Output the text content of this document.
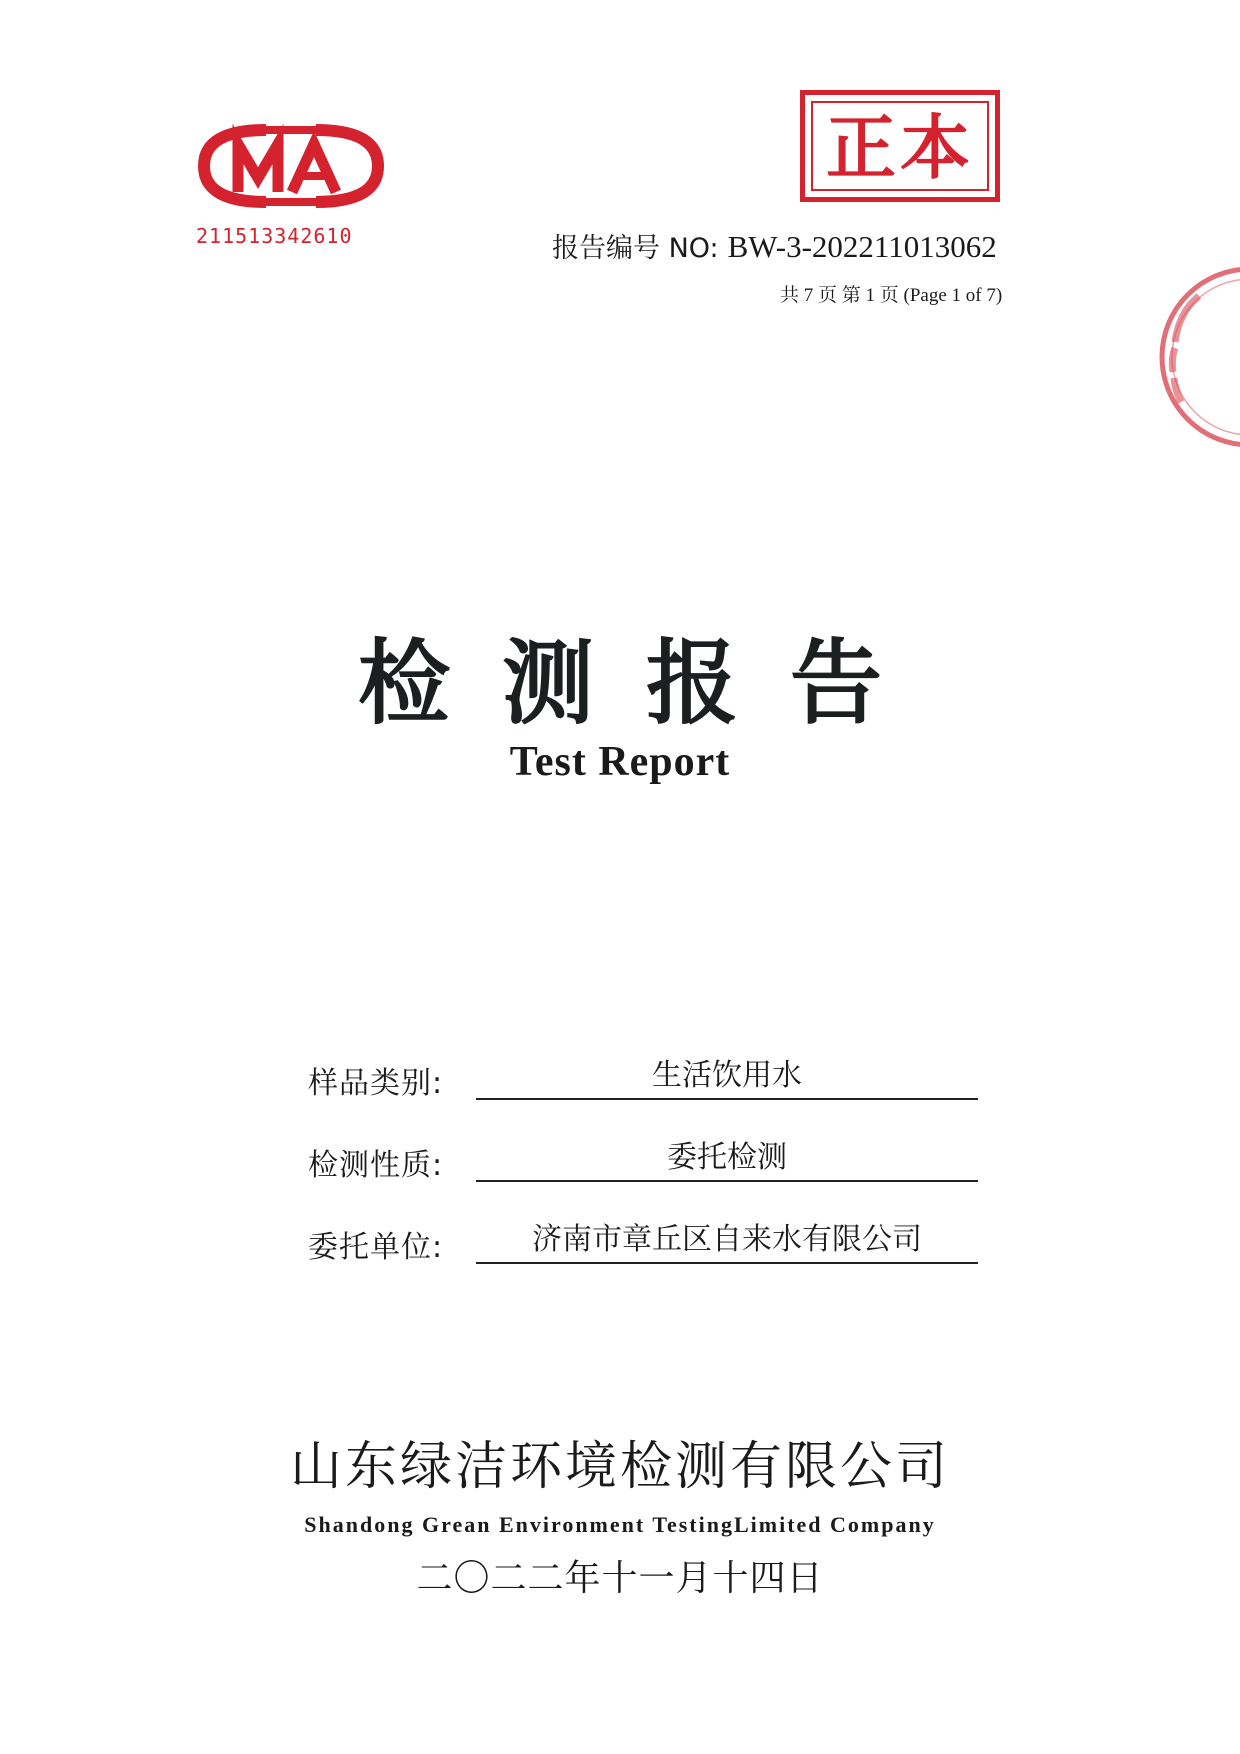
211513342610
正本
报告编号 NO: BW-3-202211013062
共 7 页 第 1 页 (Page 1 of 7)
检测报告
Test Report
样品类别:	生活饮用水
检测性质:	委托检测
委托单位:	济南市章丘区自来水有限公司
山东绿洁环境检测有限公司
Shandong Grean Environment TestingLimited Company
二〇二二年十一月十四日
